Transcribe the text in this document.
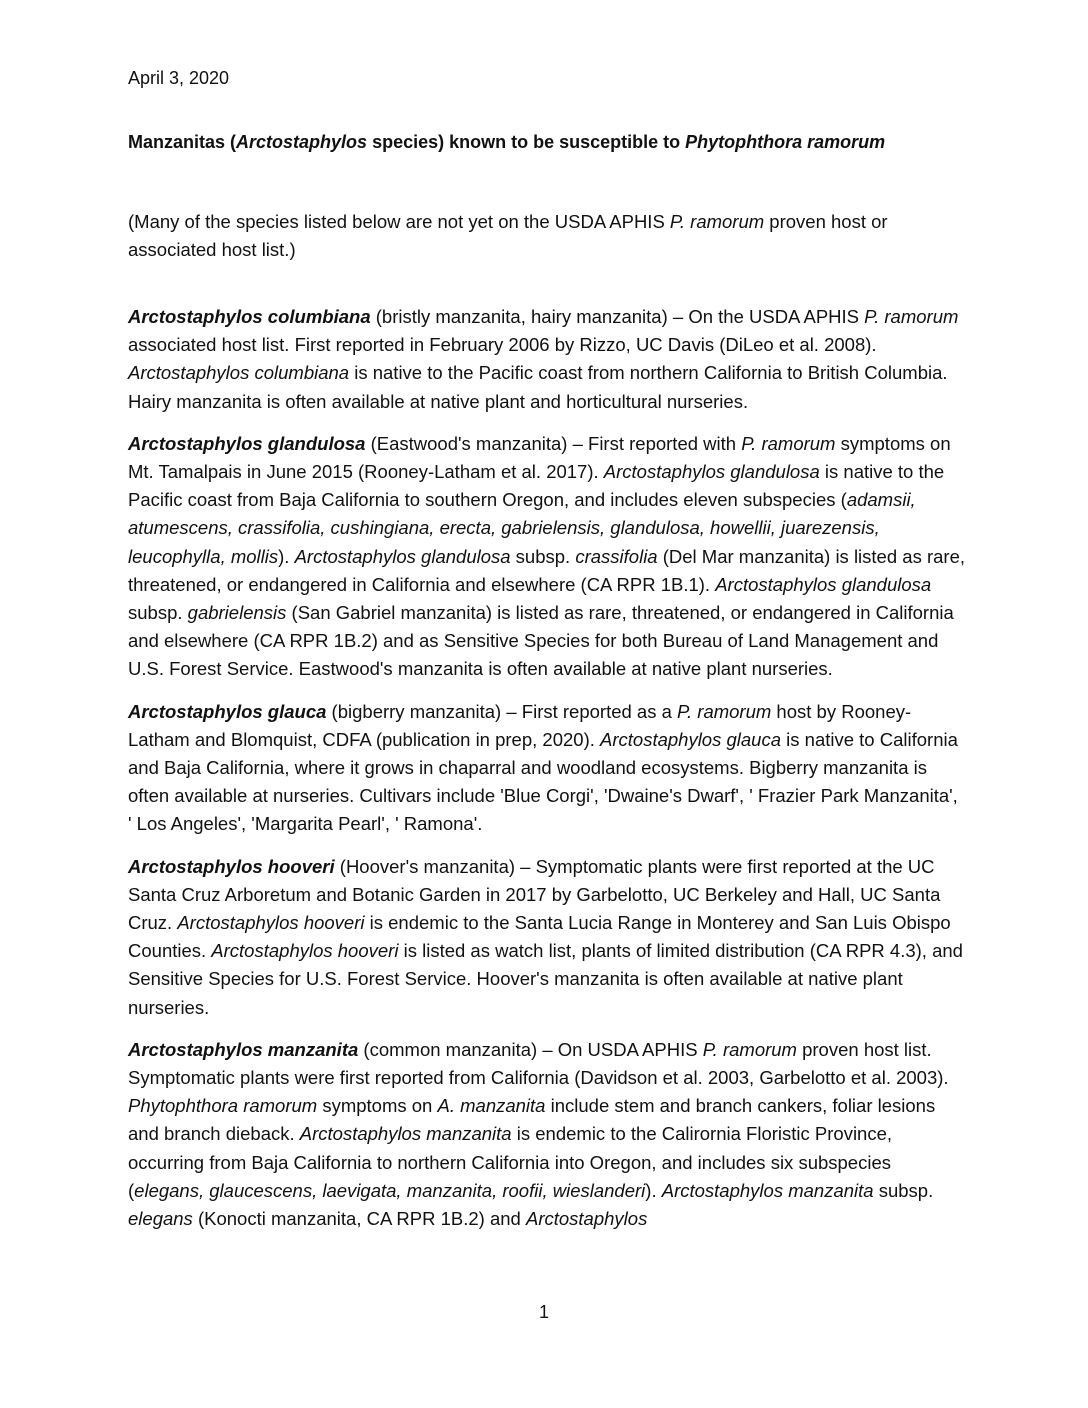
April 3, 2020
Manzanitas (Arctostaphylos species) known to be susceptible to Phytophthora ramorum
(Many of the species listed below are not yet on the USDA APHIS P. ramorum proven host or associated host list.)

Arctostaphylos columbiana (bristly manzanita, hairy manzanita) – On the USDA APHIS P. ramorum associated host list. First reported in February 2006 by Rizzo, UC Davis (DiLeo et al. 2008). Arctostaphylos columbiana is native to the Pacific coast from northern California to British Columbia. Hairy manzanita is often available at native plant and horticultural nurseries.

Arctostaphylos glandulosa (Eastwood's manzanita) – First reported with P. ramorum symptoms on Mt. Tamalpais in June 2015 (Rooney-Latham et al. 2017). Arctostaphylos glandulosa is native to the Pacific coast from Baja California to southern Oregon, and includes eleven subspecies (adamsii, atumescens, crassifolia, cushingiana, erecta, gabrielensis, glandulosa, howellii, juarezensis, leucophylla, mollis). Arctostaphylos glandulosa subsp. crassifolia (Del Mar manzanita) is listed as rare, threatened, or endangered in California and elsewhere (CA RPR 1B.1). Arctostaphylos glandulosa subsp. gabrielensis (San Gabriel manzanita) is listed as rare, threatened, or endangered in California and elsewhere (CA RPR 1B.2) and as Sensitive Species for both Bureau of Land Management and U.S. Forest Service. Eastwood's manzanita is often available at native plant nurseries.

Arctostaphylos glauca (bigberry manzanita) – First reported as a P. ramorum host by Rooney-Latham and Blomquist, CDFA (publication in prep, 2020). Arctostaphylos glauca is native to California and Baja California, where it grows in chaparral and woodland ecosystems. Bigberry manzanita is often available at nurseries. Cultivars include 'Blue Corgi', 'Dwaine's Dwarf', ' Frazier Park Manzanita', ' Los Angeles', 'Margarita Pearl', ' Ramona'.

Arctostaphylos hooveri (Hoover's manzanita) – Symptomatic plants were first reported at the UC Santa Cruz Arboretum and Botanic Garden in 2017 by Garbelotto, UC Berkeley and Hall, UC Santa Cruz. Arctostaphylos hooveri is endemic to the Santa Lucia Range in Monterey and San Luis Obispo Counties. Arctostaphylos hooveri is listed as watch list, plants of limited distribution (CA RPR 4.3), and Sensitive Species for U.S. Forest Service. Hoover's manzanita is often available at native plant nurseries.

Arctostaphylos manzanita (common manzanita) – On USDA APHIS P. ramorum proven host list. Symptomatic plants were first reported from California (Davidson et al. 2003, Garbelotto et al. 2003). Phytophthora ramorum symptoms on A. manzanita include stem and branch cankers, foliar lesions and branch dieback. Arctostaphylos manzanita is endemic to the Calirornia Floristic Province, occurring from Baja California to northern California into Oregon, and includes six subspecies (elegans, glaucescens, laevigata, manzanita, roofii, wieslanderi). Arctostaphylos manzanita subsp. elegans (Konocti manzanita, CA RPR 1B.2) and Arctostaphylos

1
